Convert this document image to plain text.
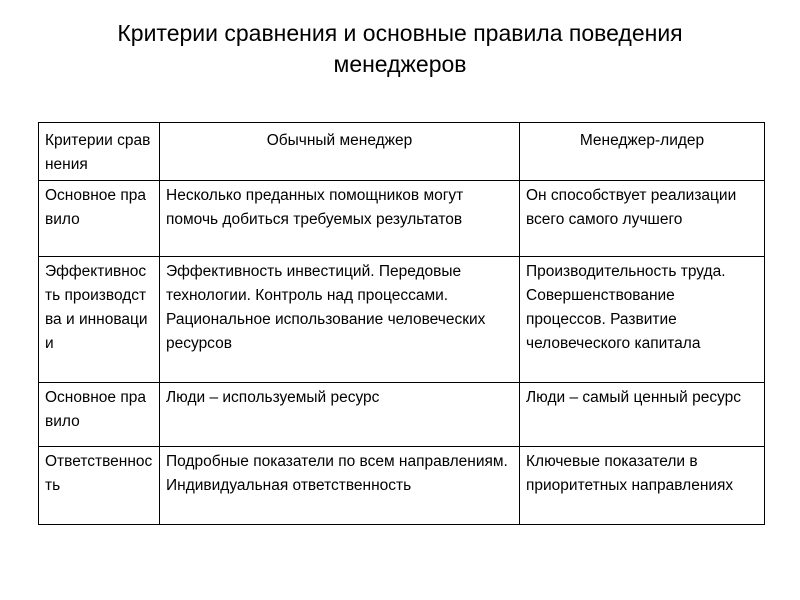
Критерии сравнения и основные правила поведения
менеджеров
Критерии сравнения	Обычный менеджер	Менеджер-лидер
Основное правило	Несколько преданных помощников могут помочь добиться требуемых результатов	Он способствует реализации всего самого лучшего
Эффективность производства и инновации	Эффективность инвестиций. Передовые технологии. Контроль над процессами. Рациональное использование человеческих ресурсов	Производительность труда. Совершенствование процессов. Развитие человеческого капитала
Основное правило	Люди – используемый ресурс	Люди – самый ценный ресурс
Ответственность	Подробные показатели по всем направлениям. Индивидуальная ответственность	Ключевые показатели в приоритетных направлениях
